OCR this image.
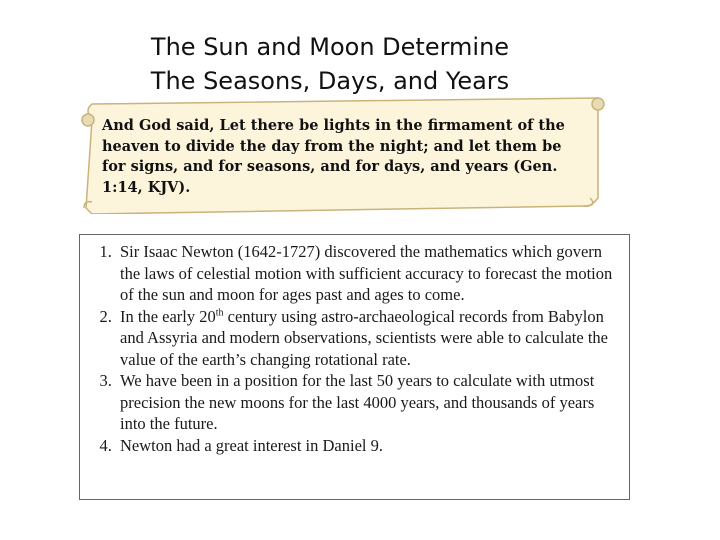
The Sun and Moon Determine
The Seasons, Days, and Years
And God said, Let there be lights in the firmament of the heaven to divide the day from the night; and let them be for signs, and for seasons, and for days, and years (Gen. 1:14, KJV).
1. Sir Isaac Newton (1642-1727) discovered the mathematics which govern the laws of celestial motion with sufficient accuracy to forecast the motion of the sun and moon for ages past and ages to come.
2. In the early 20th century using astro-archaeological records from Babylon and Assyria and modern observations, scientists were able to calculate the value of the earth’s changing rotational rate.
3. We have been in a position for the last 50 years to calculate with utmost precision the new moons for the last 4000 years, and thousands of years into the future.
4. Newton had a great interest in Daniel 9.
